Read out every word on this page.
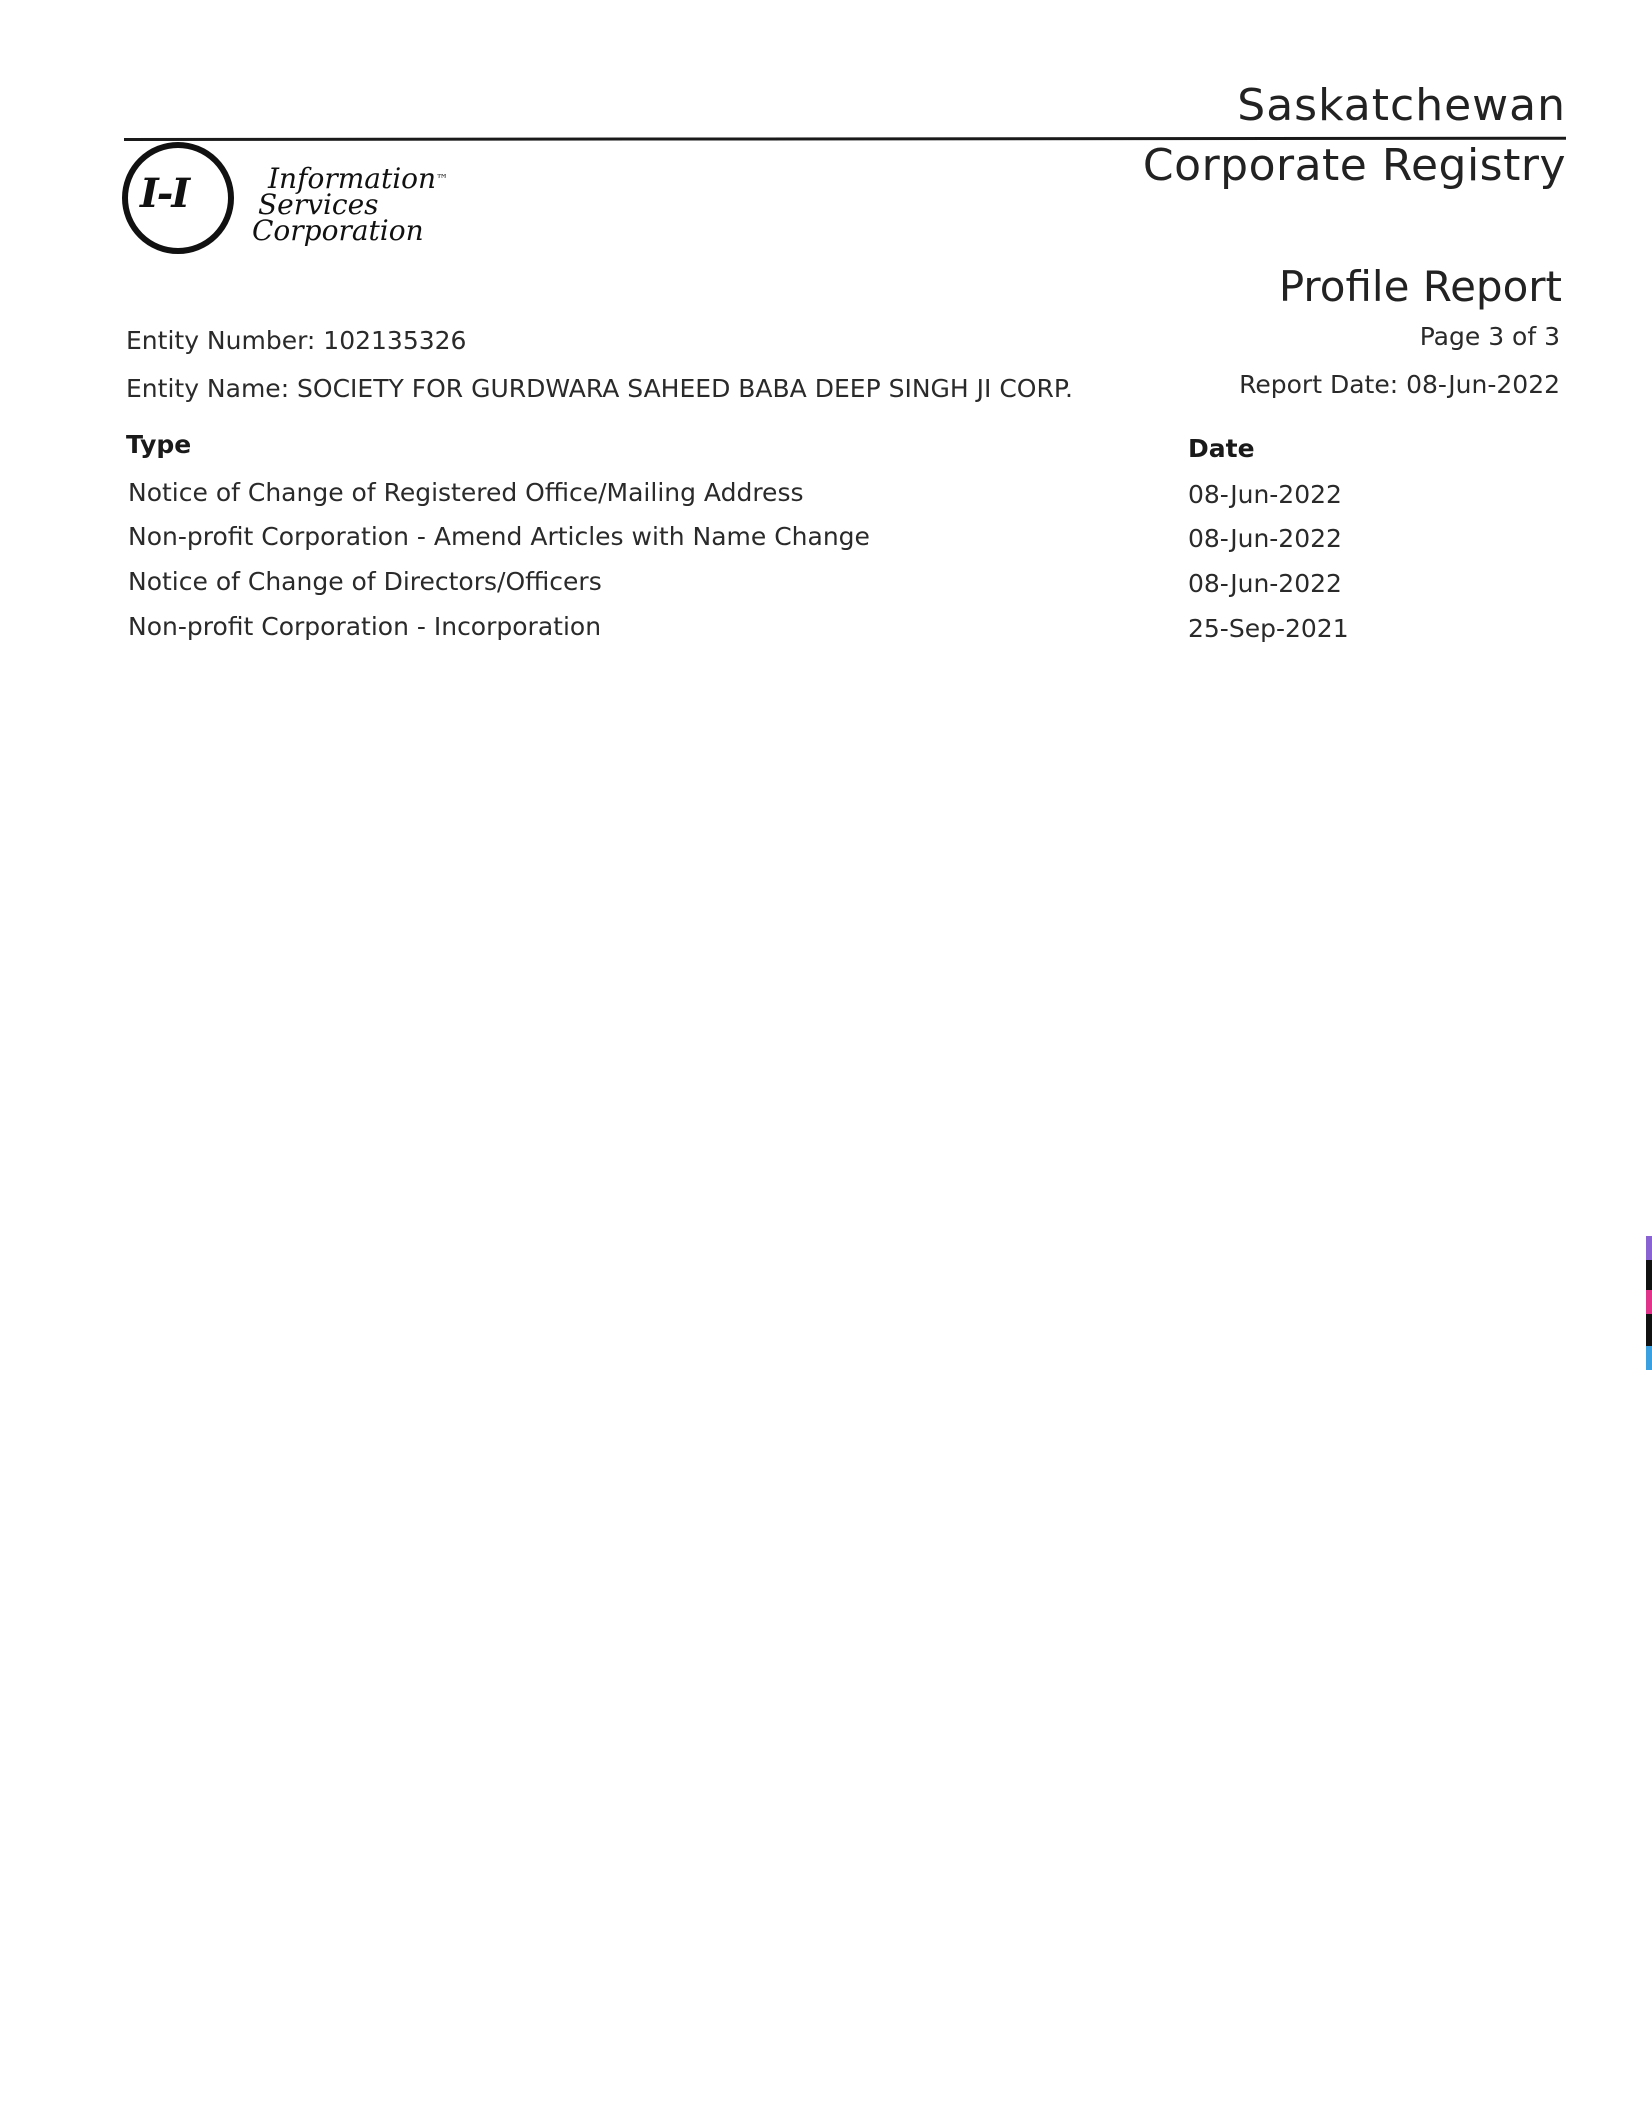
Saskatchewan
Corporate Registry
I-I	Information™
Services
Corporation
Profile Report
Page 3 of 3
Report Date: 08-Jun-2022
Entity Number: 102135326
Entity Name: SOCIETY FOR GURDWARA SAHEED BABA DEEP SINGH JI CORP.
Type	Date
Notice of Change of Registered Office/Mailing Address	08-Jun-2022
Non-profit Corporation - Amend Articles with Name Change	08-Jun-2022
Notice of Change of Directors/Officers	08-Jun-2022
Non-profit Corporation - Incorporation	25-Sep-2021
